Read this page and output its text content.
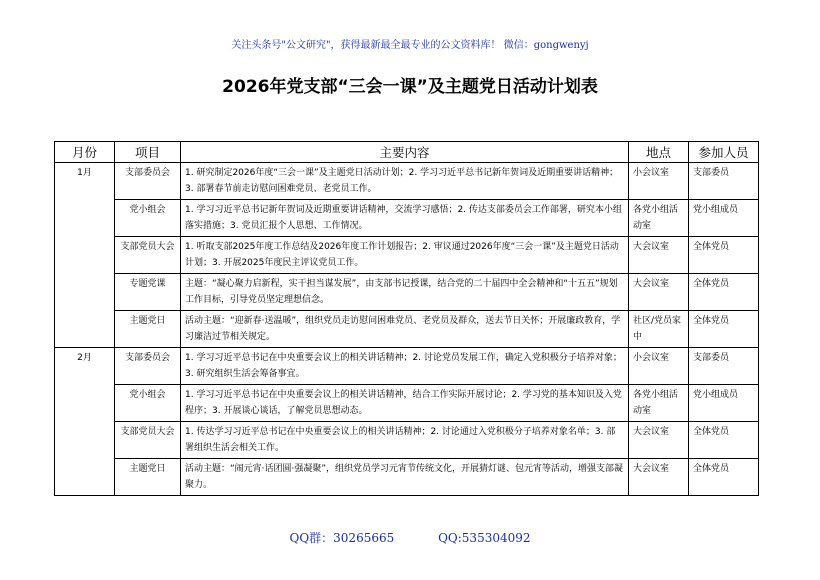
关注头条号"公文研究"，获得最新最全最专业的公文资料库！ 微信：gongwenyj
2026年党支部“三会一课”及主题党日活动计划表
月份	项目	主要内容	地点	参加人员
1月	支部委员会	1. 研究制定2026年度“三会一课”及主题党日活动计划；2. 学习习近平总书记新年贺词及近期重要讲话精神；3. 部署春节前走访慰问困难党员、老党员工作。	小会议室	支部委员
	党小组会	1. 学习习近平总书记新年贺词及近期重要讲话精神，交流学习感悟；2. 传达支部委员会工作部署，研究本小组落实措施；3. 党员汇报个人思想、工作情况。	各党小组活动室	党小组成员
	支部党员大会	1. 听取支部2025年度工作总结及2026年度工作计划报告；2. 审议通过2026年度“三会一课”及主题党日活动计划；3. 开展2025年度民主评议党员工作。	大会议室	全体党员
	专题党课	主题：“凝心聚力启新程，实干担当谋发展”，由支部书记授课，结合党的二十届四中全会精神和“十五五”规划工作目标，引导党员坚定理想信念。	大会议室	全体党员
	主题党日	活动主题：“迎新春·送温暖”，组织党员走访慰问困难党员、老党员及群众，送去节日关怀；开展廉政教育，学习廉洁过节相关规定。	社区/党员家中	全体党员
2月	支部委员会	1. 学习习近平总书记在中央重要会议上的相关讲话精神；2. 讨论党员发展工作，确定入党积极分子培养对象；3. 研究组织生活会筹备事宜。	小会议室	支部委员
	党小组会	1. 学习习近平总书记在中央重要会议上的相关讲话精神，结合工作实际开展讨论；2. 学习党的基本知识及入党程序；3. 开展谈心谈话，了解党员思想动态。	各党小组活动室	党小组成员
	支部党员大会	1. 传达学习习近平总书记在中央重要会议上的相关讲话精神；2. 讨论通过入党积极分子培养对象名单；3. 部署组织生活会相关工作。	大会议室	全体党员
	主题党日	活动主题：“闹元宵·话团圆·强凝聚”，组织党员学习元宵节传统文化，开展猜灯谜、包元宵等活动，增强支部凝聚力。	大会议室	全体党员
QQ群：30265665	QQ:535304092
